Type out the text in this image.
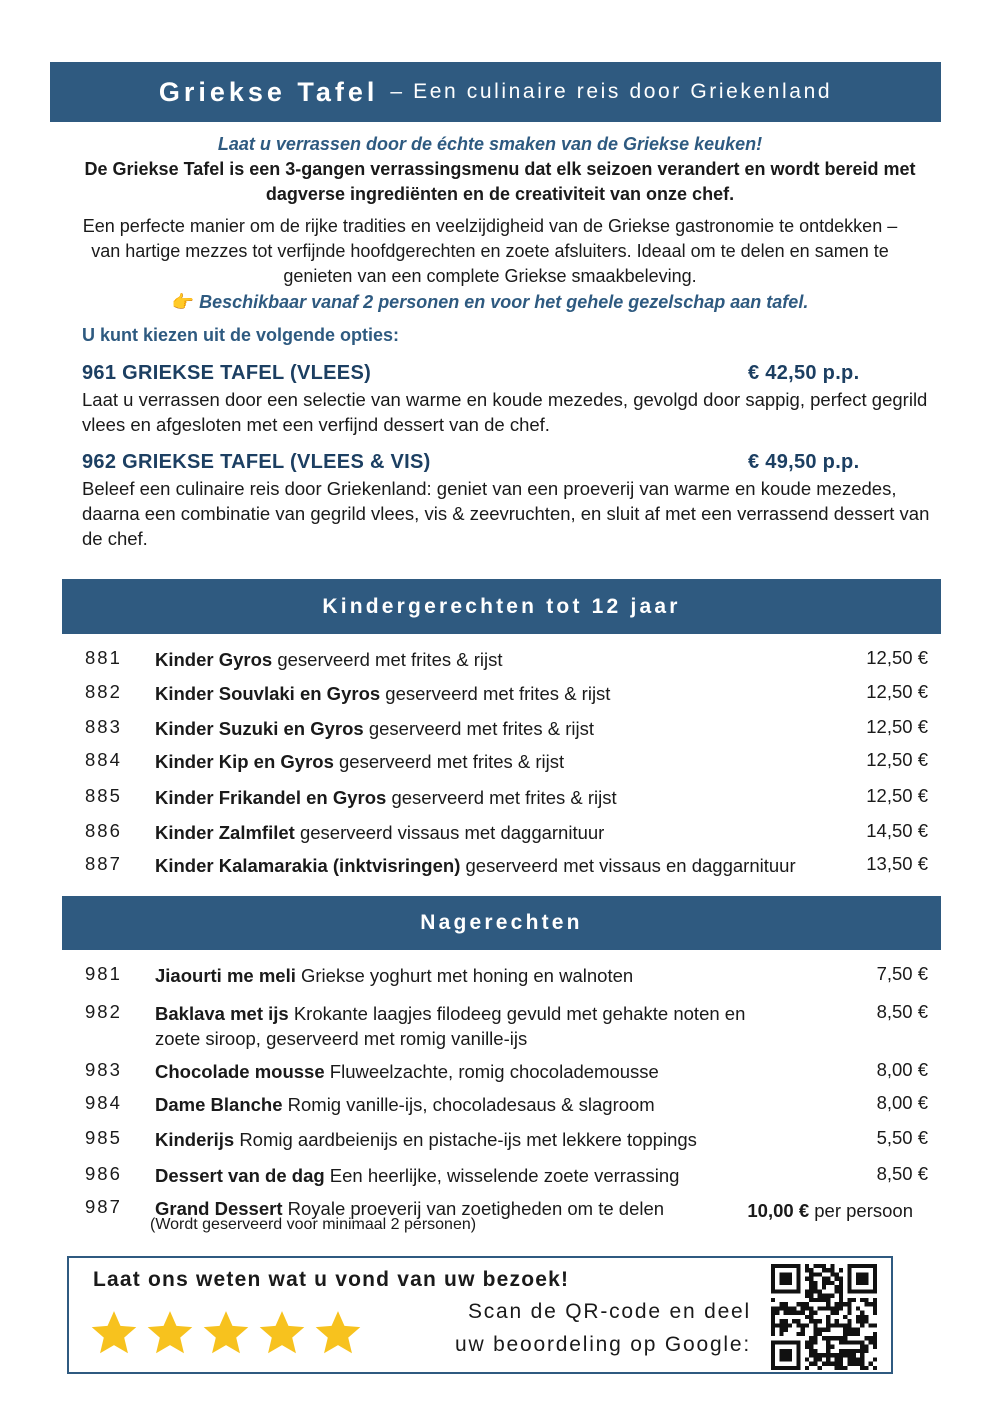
Griekse Tafel – Een culinaire reis door Griekenland
Laat u verrassen door de échte smaken van de Griekse keuken!
De Griekse Tafel is een 3-gangen verrassingsmenu dat elk seizoen verandert en wordt bereid met dagverse ingrediënten en de creativiteit van onze chef.
Een perfecte manier om de rijke tradities en veelzijdigheid van de Griekse gastronomie te ontdekken – van hartige mezzes tot verfijnde hoofdgerechten en zoete afsluiters. Ideaal om te delen en samen te genieten van een complete Griekse smaakbeleving.
👉 Beschikbaar vanaf 2 personen en voor het gehele gezelschap aan tafel.
U kunt kiezen uit de volgende opties:
961 GRIEKSE TAFEL (VLEES)	€ 42,50 p.p.
Laat u verrassen door een selectie van warme en koude mezedes, gevolgd door sappig, perfect gegrild vlees en afgesloten met een verfijnd dessert van de chef.
962 GRIEKSE TAFEL (VLEES & VIS)	€ 49,50 p.p.
Beleef een culinaire reis door Griekenland: geniet van een proeverij van warme en koude mezedes, daarna een combinatie van gegrild vlees, vis & zeevruchten, en sluit af met een verrassend dessert van de chef.
Kindergerechten tot 12 jaar
881 Kinder Gyros geserveerd met frites & rijst	12,50 €
882 Kinder Souvlaki en Gyros geserveerd met frites & rijst	12,50 €
883 Kinder Suzuki en Gyros geserveerd met frites & rijst	12,50 €
884 Kinder Kip en Gyros geserveerd met frites & rijst	12,50 €
885 Kinder Frikandel en Gyros geserveerd met frites & rijst	12,50 €
886 Kinder Zalmfilet geserveerd vissaus met daggarnituur	14,50 €
887 Kinder Kalamarakia (inktvisringen) geserveerd met vissaus en daggarnituur	13,50 €
Nagerechten
981 Jiaourti me meli Griekse yoghurt met honing en walnoten	7,50 €
982 Baklava met ijs Krokante laagjes filodeeg gevuld met gehakte noten en zoete siroop, geserveerd met romig vanille-ijs
8,50 €
983 Chocolade mousse Fluweelzachte, romig chocolademousse	8,00 €
984 Dame Blanche Romig vanille-ijs, chocoladesaus & slagroom	8,00 €
985 Kinderijs Romig aardbeienijs en pistache-ijs met lekkere toppings	5,50 €
986 Dessert van de dag Een heerlijke, wisselende zoete verrassing	8,50 €
987 Grand Dessert Royale proeverij van zoetigheden om te delen
(Wordt geserveerd voor minimaal 2 personen)
10,00 € per persoon
Laat ons weten wat u vond van uw bezoek!
Scan de QR-code en deel
uw beoordeling op Google:
